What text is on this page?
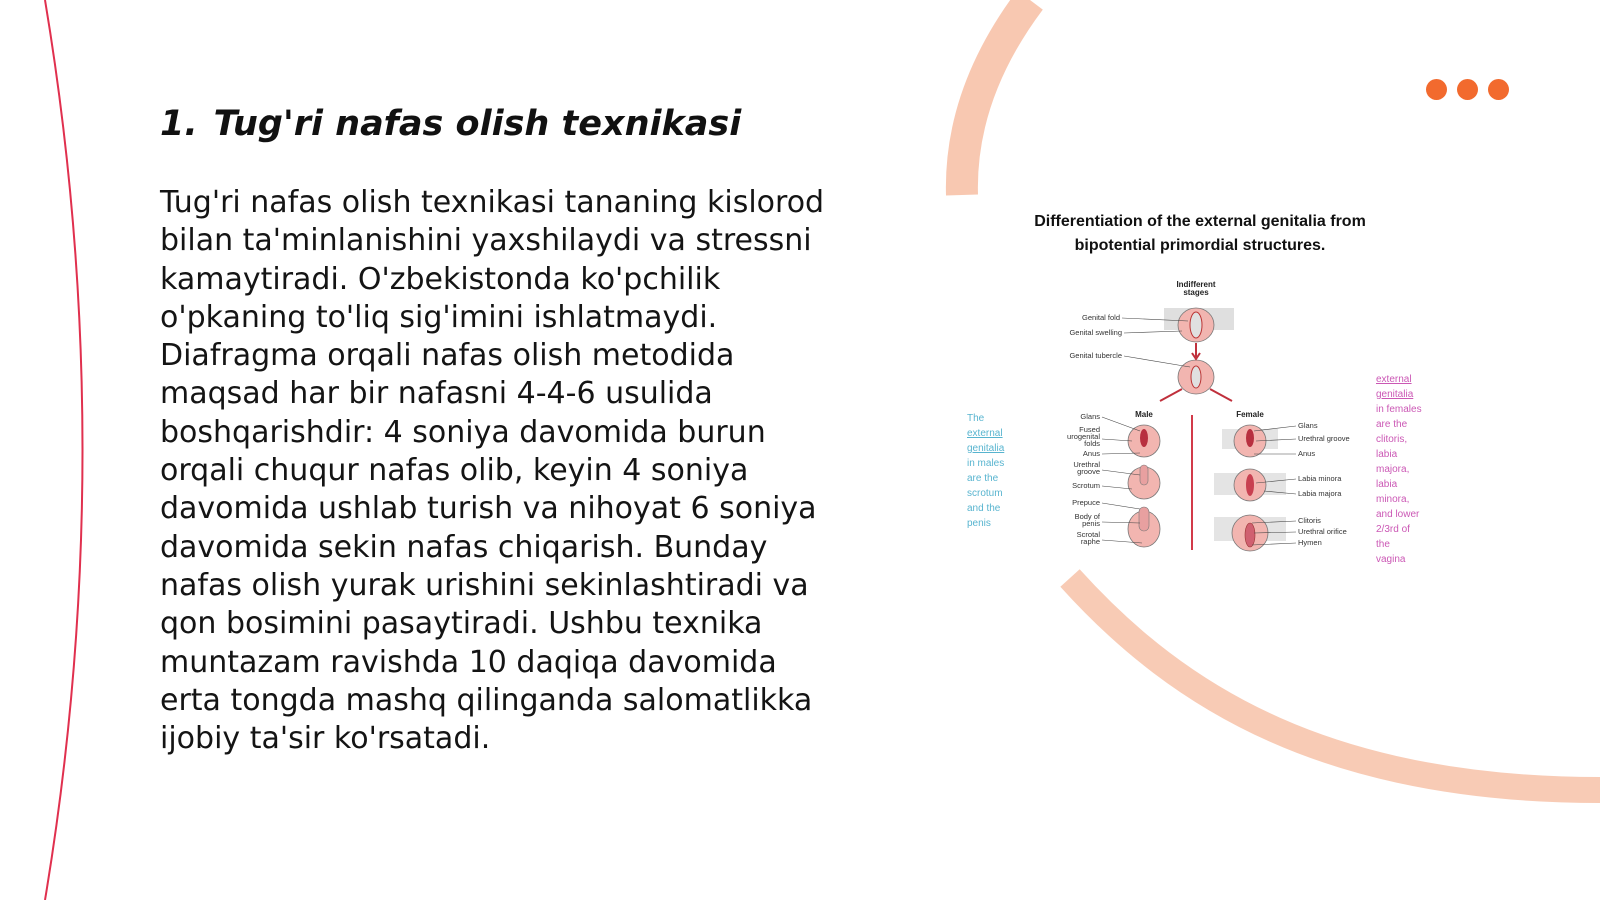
1. Tug'ri nafas olish texnikasi
Tug'ri nafas olish texnikasi tananing kislorod
bilan ta'minlanishini yaxshilaydi va stressni
kamaytiradi. O'zbekistonda ko'pchilik
o'pkaning to'liq sig'imini ishlatmaydi.
Diafragma orqali nafas olish metodida
maqsad har bir nafasni 4-4-6 usulida
boshqarishdir: 4 soniya davomida burun
orqali chuqur nafas olib, keyin 4 soniya
davomida ushlab turish va nihoyat 6 soniya
davomida sekin nafas chiqarish. Bunday
nafas olish yurak urishini sekinlashtiradi va
qon bosimini pasaytiradi. Ushbu texnika
muntazam ravishda 10 daqiqa davomida
erta tongda mashq qilinganda salomatlikka
ijobiy ta'sir ko'rsatadi.
Differentiation of the external genitalia from
bipotential primordial structures.
Indifferent
stages
Genital fold
Genital swelling
Genital tubercle
Male	Female
Glans
Fused
urogenital
folds
Anus
Urethral
groove
Scrotum
Prepuce
Body of
penis
Scrotal
raphe
Glans
Urethral groove
Anus
Labia minora
Labia majora
Clitoris
Urethral orifice
Hymen
The
external
genitalia
in males
are the
scrotum
and the
penis
external
genitalia
in females
are the
clitoris,
labia
majora,
labia
minora,
and lower
2/3rd of
the
vagina
